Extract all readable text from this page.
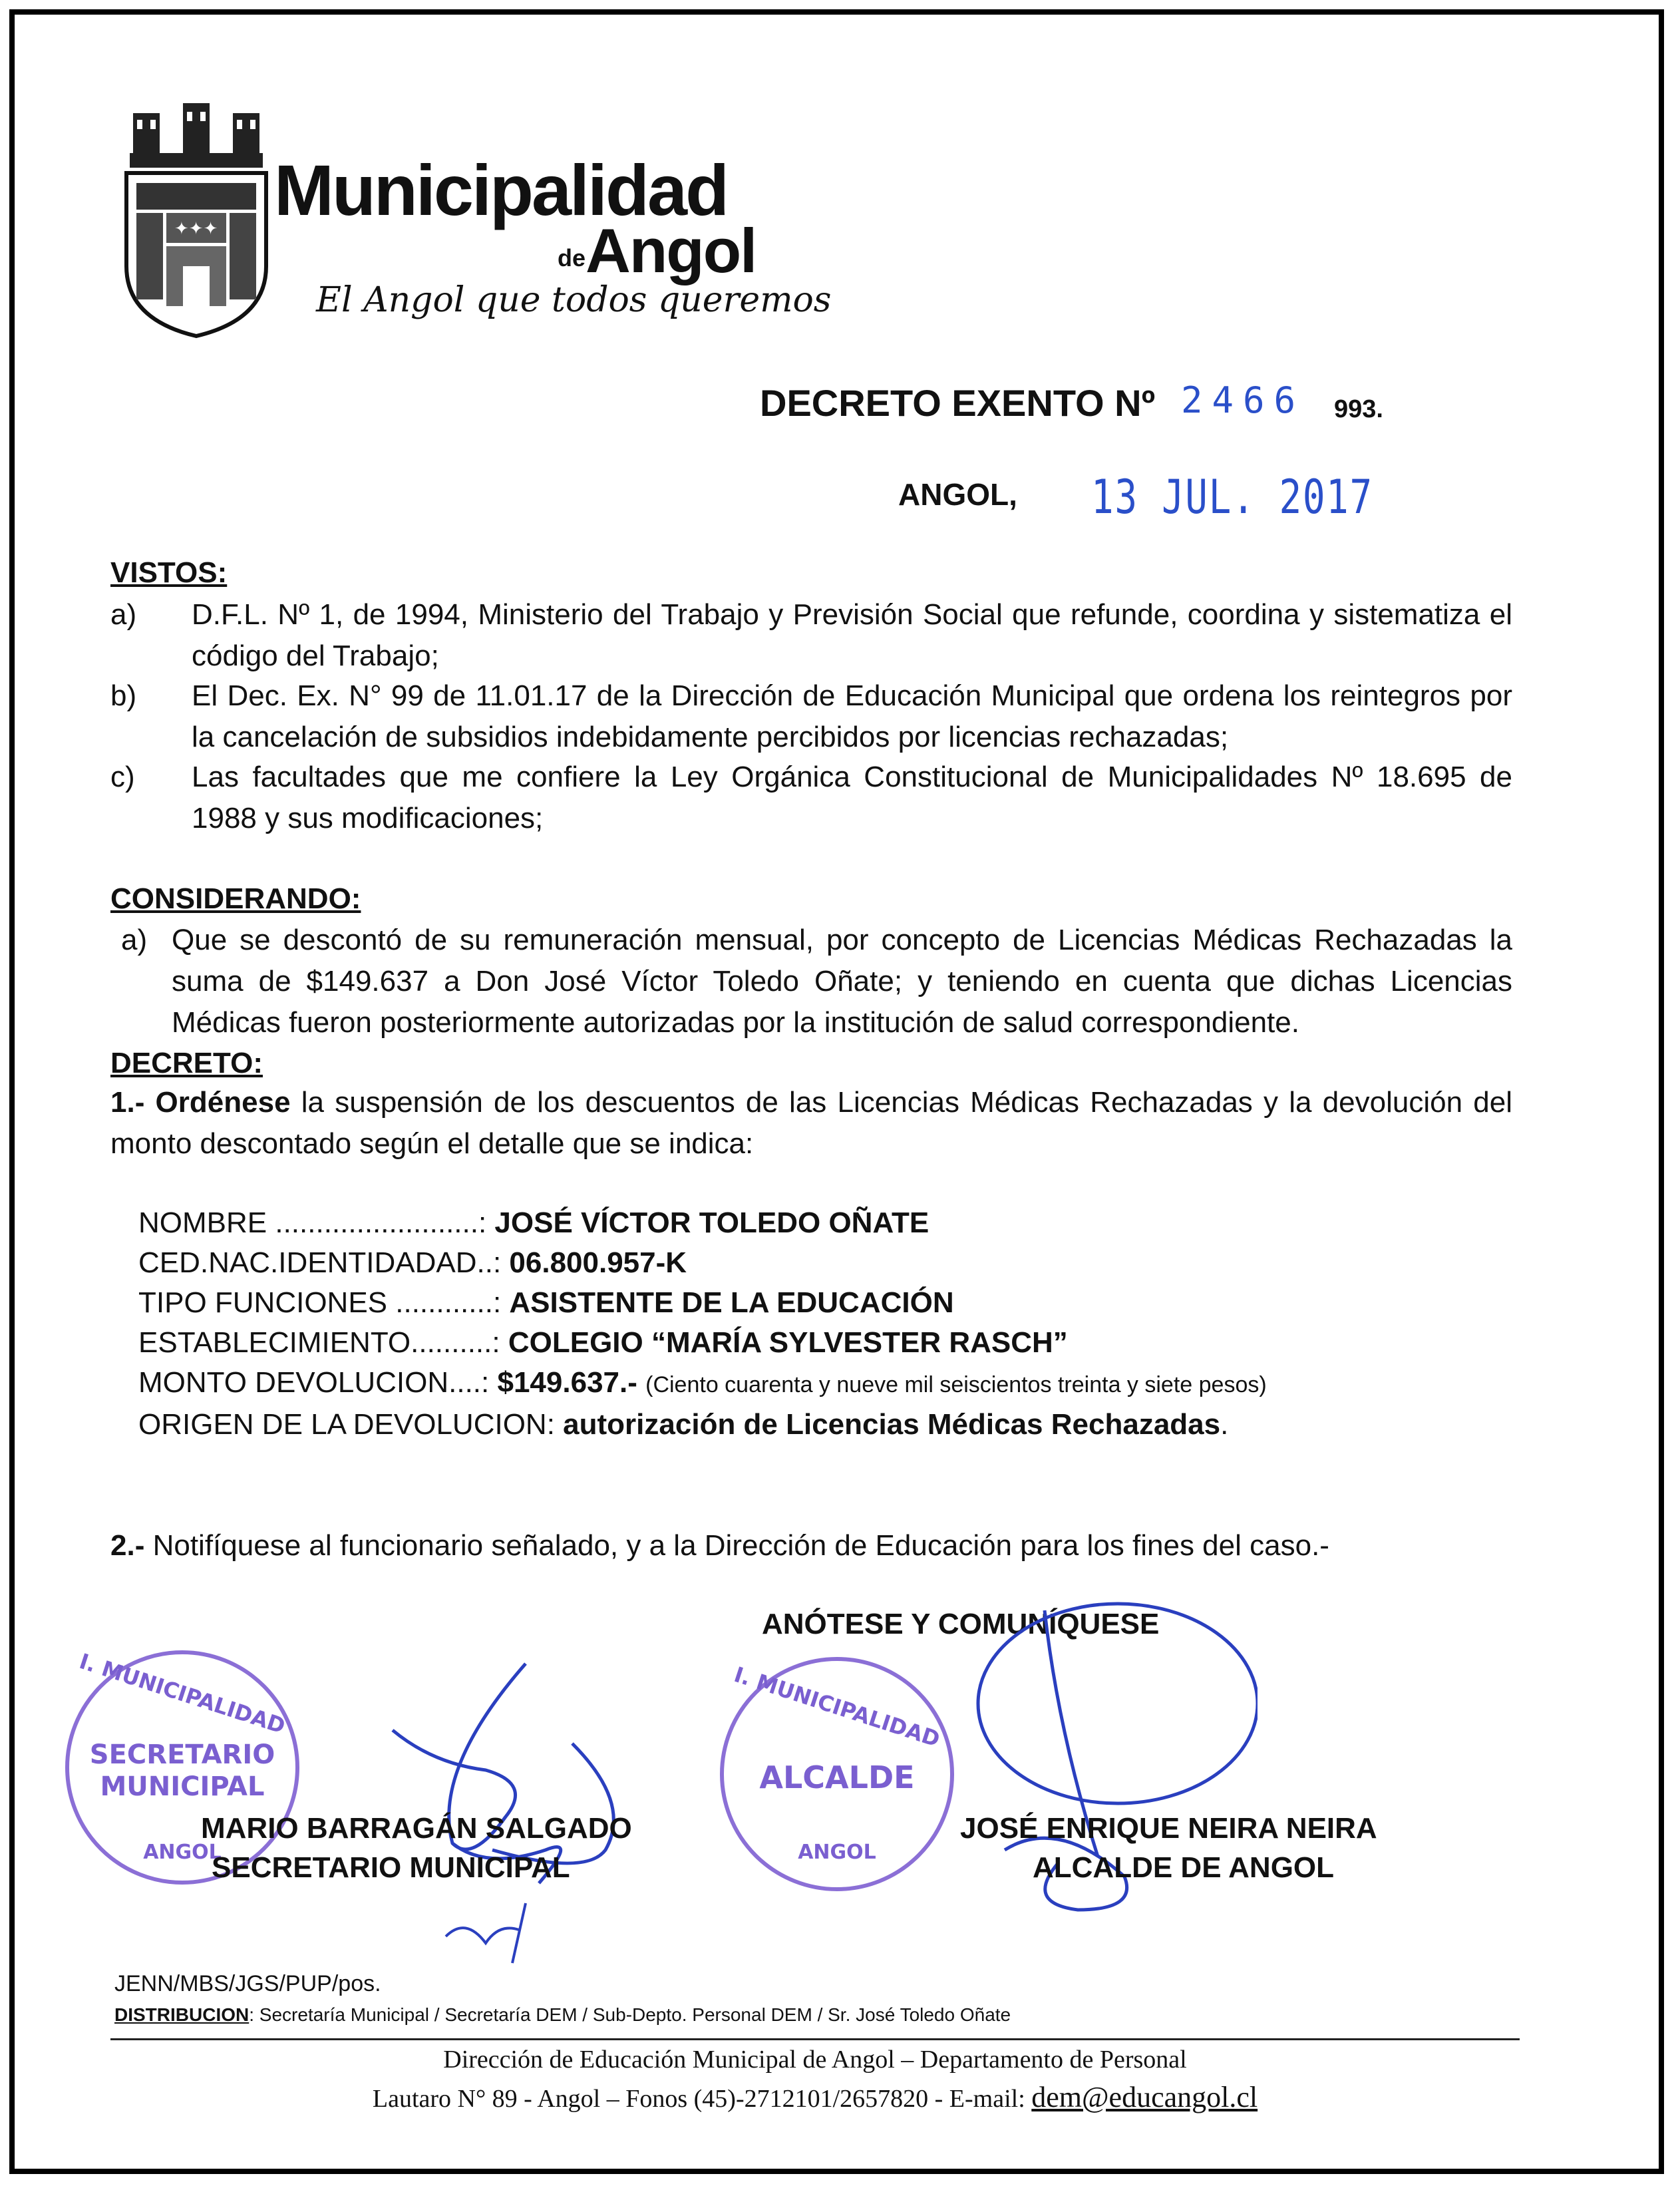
✦✦✦ Municipalidad
de Angol
El Angol que todos queremos
DECRETO EXENTO Nº 2466 993.
ANGOL, 13 JUL. 2017
VISTOS:
a) D.F.L. Nº 1, de 1994, Ministerio del Trabajo y Previsión Social que refunde, coordina y sistematiza el código del Trabajo;
b) El Dec. Ex. N° 99 de 11.01.17 de la Dirección de Educación Municipal que ordena los reintegros por la cancelación de subsidios indebidamente percibidos por licencias rechazadas;
c) Las facultades que me confiere la Ley Orgánica Constitucional de Municipalidades Nº 18.695 de 1988 y sus modificaciones;
CONSIDERANDO:
a) Que se descontó de su remuneración mensual, por concepto de Licencias Médicas Rechazadas la suma de $149.637 a Don José Víctor Toledo Oñate; y teniendo en cuenta que dichas Licencias Médicas fueron posteriormente autorizadas por la institución de salud correspondiente.
DECRETO:
1.- Ordénese la suspensión de los descuentos de las Licencias Médicas Rechazadas y la devolución del monto descontado según el detalle que se indica:
NOMBRE .........................: JOSÉ VÍCTOR TOLEDO OÑATE
CED.NAC.IDENTIDADAD..: 06.800.957-K
TIPO FUNCIONES ............: ASISTENTE DE LA EDUCACIÓN
ESTABLECIMIENTO..........: COLEGIO “MARÍA SYLVESTER RASCH”
MONTO DEVOLUCION....: $149.637.- (Ciento cuarenta y nueve mil seiscientos treinta y siete pesos)
ORIGEN DE LA DEVOLUCION: autorización de Licencias Médicas Rechazadas.
2.- Notifíquese al funcionario señalado, y a la Dirección de Educación para los fines del caso.-
ANÓTESE Y COMUNÍQUESE
I. MUNICIPALIDAD
SECRETARIO
MUNICIPAL
ANGOL
I. MUNICIPALIDAD
ALCALDE
ANGOL
MARIO BARRAGÁN SALGADO
SECRETARIO MUNICIPAL
JOSÉ ENRIQUE NEIRA NEIRA
ALCALDE DE ANGOL
JENN/MBS/JGS/PUP/pos.
DISTRIBUCION: Secretaría Municipal / Secretaría DEM / Sub-Depto. Personal DEM / Sr. José Toledo Oñate
Dirección de Educación Municipal de Angol – Departamento de Personal
Lautaro N° 89 - Angol – Fonos (45)-2712101/2657820 - E-mail: dem@educangol.cl
